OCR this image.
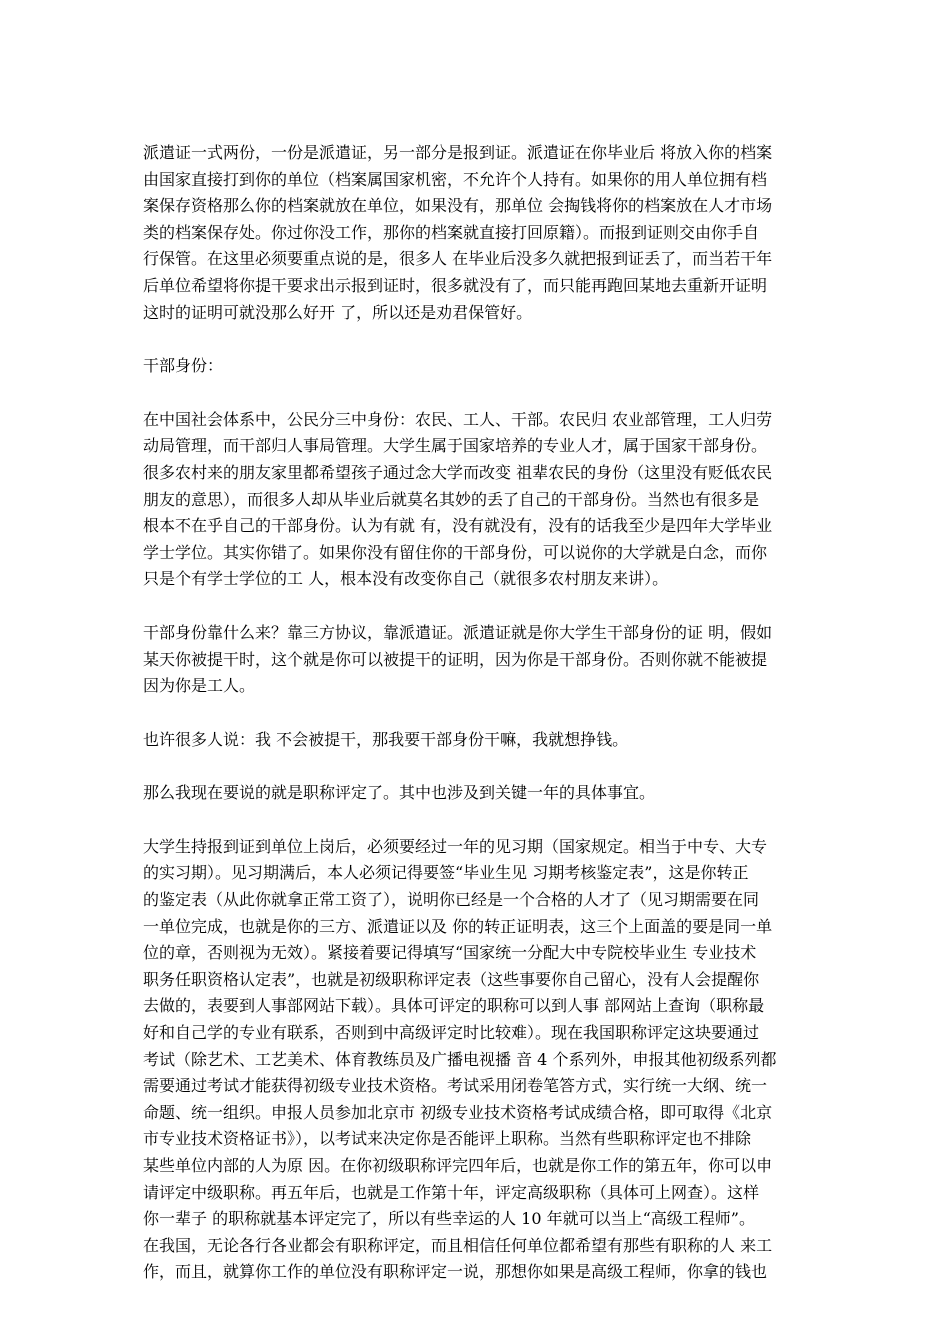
派遣证一式两份，一份是派遣证，另一部分是报到证。派遣证在你毕业后 将放入你的档案
由国家直接打到你的单位（档案属国家机密，不允许个人持有。如果你的用人单位拥有档
案保存资格那么你的档案就放在单位，如果没有，那单位 会掏钱将你的档案放在人才市场
类的档案保存处。你过你没工作，那你的档案就直接打回原籍）。而报到证则交由你手自
行保管。在这里必须要重点说的是，很多人 在毕业后没多久就把报到证丢了，而当若干年
后单位希望将你提干要求出示报到证时，很多就没有了，而只能再跑回某地去重新开证明
这时的证明可就没那么好开 了，所以还是劝君保管好。
干部身份：
在中国社会体系中，公民分三中身份：农民、工人、干部。农民归 农业部管理，工人归劳
动局管理，而干部归人事局管理。大学生属于国家培养的专业人才，属于国家干部身份。
很多农村来的朋友家里都希望孩子通过念大学而改变 祖辈农民的身份（这里没有贬低农民
朋友的意思），而很多人却从毕业后就莫名其妙的丢了自己的干部身份。当然也有很多是
根本不在乎自己的干部身份。认为有就 有，没有就没有，没有的话我至少是四年大学毕业
学士学位。其实你错了。如果你没有留住你的干部身份，可以说你的大学就是白念，而你
只是个有学士学位的工 人，根本没有改变你自己（就很多农村朋友来讲）。
干部身份靠什么来？靠三方协议，靠派遣证。派遣证就是你大学生干部身份的证 明，假如
某天你被提干时，这个就是你可以被提干的证明，因为你是干部身份。否则你就不能被提
因为你是工人。
也许很多人说：我 不会被提干，那我要干部身份干嘛，我就想挣钱。
那么我现在要说的就是职称评定了。其中也涉及到关键一年的具体事宜。
大学生持报到证到单位上岗后，必须要经过一年的见习期（国家规定。相当于中专、大专
的实习期）。见习期满后，本人必须记得要签“毕业生见 习期考核鉴定表”，这是你转正
的鉴定表（从此你就拿正常工资了），说明你已经是一个合格的人才了（见习期需要在同
一单位完成，也就是你的三方、派遣证以及 你的转正证明表，这三个上面盖的要是同一单
位的章，否则视为无效）。紧接着要记得填写“国家统一分配大中专院校毕业生 专业技术
职务任职资格认定表”，也就是初级职称评定表（这些事要你自己留心，没有人会提醒你
去做的，表要到人事部网站下载）。具体可评定的职称可以到人事 部网站上查询（职称最
好和自己学的专业有联系，否则到中高级评定时比较难）。现在我国职称评定这块要通过
考试（除艺术、工艺美术、体育教练员及广播电视播 音 4 个系列外，申报其他初级系列都
需要通过考试才能获得初级专业技术资格。考试采用闭卷笔答方式，实行统一大纲、统一
命题、统一组织。申报人员参加北京市 初级专业技术资格考试成绩合格，即可取得《北京
市专业技术资格证书》），以考试来决定你是否能评上职称。当然有些职称评定也不排除
某些单位内部的人为原 因。在你初级职称评完四年后，也就是你工作的第五年，你可以申
请评定中级职称。再五年后，也就是工作第十年，评定高级职称（具体可上网查）。这样
你一辈子 的职称就基本评定完了，所以有些幸运的人 10 年就可以当上“高级工程师”。
在我国，无论各行各业都会有职称评定，而且相信任何单位都希望有那些有职称的人 来工
作，而且，就算你工作的单位没有职称评定一说，那想你如果是高级工程师，你拿的钱也
